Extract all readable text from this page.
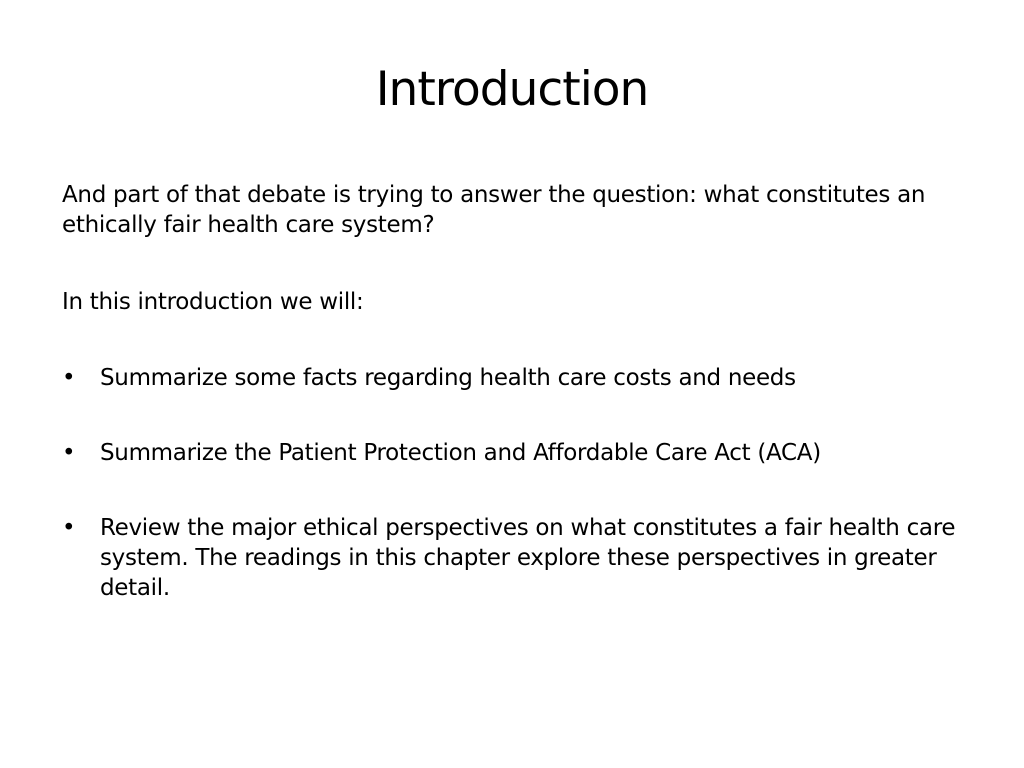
Introduction

And part of that debate is trying to answer the question: what constitutes an ethically fair health care system?

In this introduction we will:

• Summarize some facts regarding health care costs and needs
• Summarize the Patient Protection and Affordable Care Act (ACA)
• Review the major ethical perspectives on what constitutes a fair health care system. The readings in this chapter explore these perspectives in greater detail.
